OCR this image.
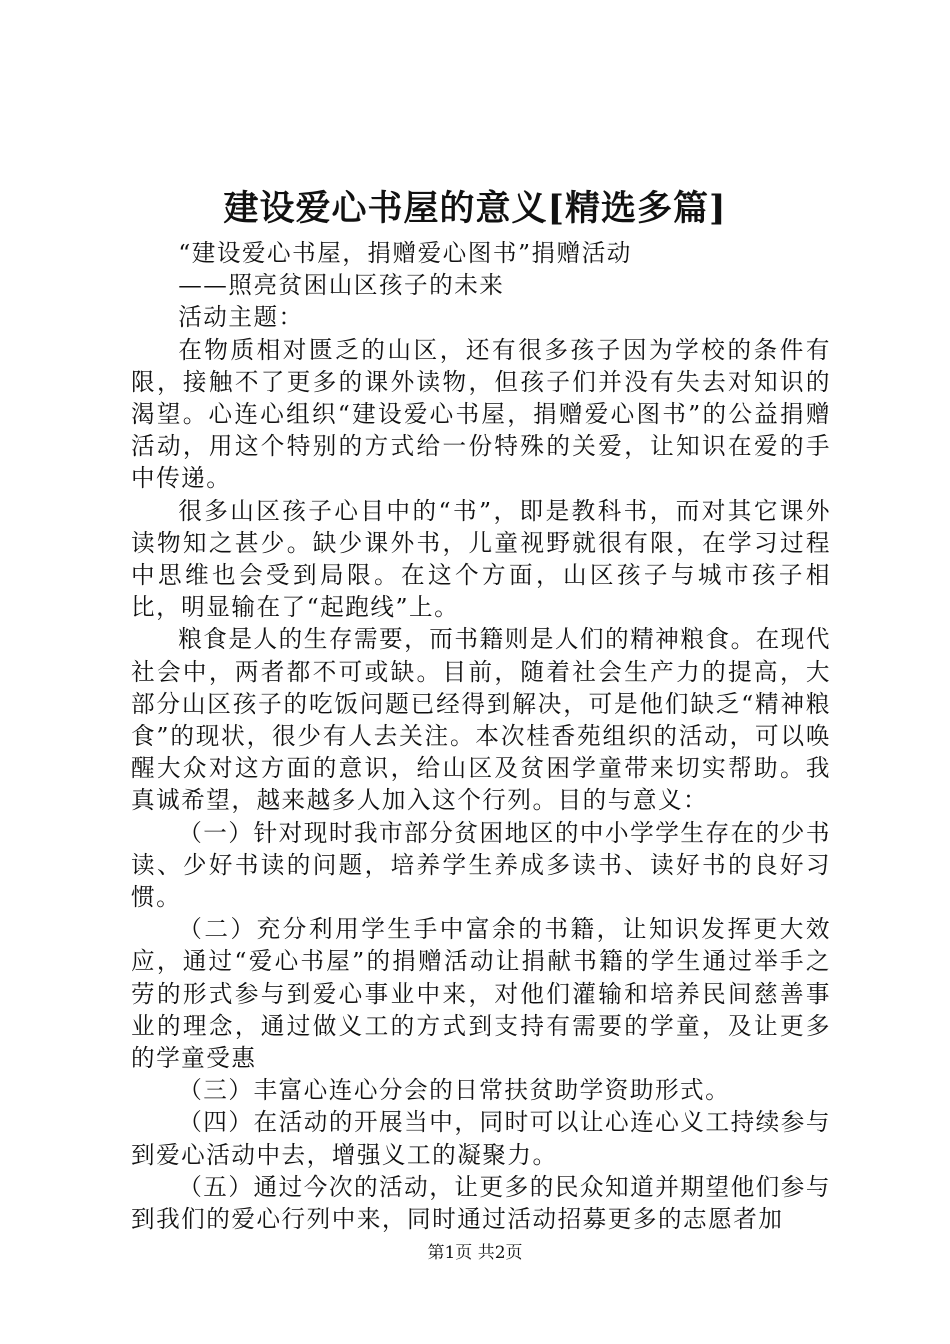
建设爱心书屋的意义[精选多篇]

“建设爱心书屋，捐赠爱心图书”捐赠活动

——照亮贫困山区孩子的未来

活动主题：

在物质相对匮乏的山区，还有很多孩子因为学校的条件有限，接触不了更多的课外读物，但孩子们并没有失去对知识的渴望。心连心组织“建设爱心书屋，捐赠爱心图书”的公益捐赠活动，用这个特别的方式给一份特殊的关爱，让知识在爱的手中传递。

很多山区孩子心目中的“书”，即是教科书，而对其它课外读物知之甚少。缺少课外书，儿童视野就很有限，在学习过程中思维也会受到局限。在这个方面，山区孩子与城市孩子相比，明显输在了“起跑线”上。

粮食是人的生存需要，而书籍则是人们的精神粮食。在现代社会中，两者都不可或缺。目前，随着社会生产力的提高，大部分山区孩子的吃饭问题已经得到解决，可是他们缺乏“精神粮食”的现状，很少有人去关注。本次桂香苑组织的活动，可以唤醒大众对这方面的意识，给山区及贫困学童带来切实帮助。我真诚希望，越来越多人加入这个行列。目的与意义：

（一）针对现时我市部分贫困地区的中小学学生存在的少书读、少好书读的问题，培养学生养成多读书、读好书的良好习惯。

（二）充分利用学生手中富余的书籍，让知识发挥更大效应，通过“爱心书屋”的捐赠活动让捐献书籍的学生通过举手之劳的形式参与到爱心事业中来，对他们灌输和培养民间慈善事业的理念，通过做义工的方式到支持有需要的学童，及让更多的学童受惠

（三）丰富心连心分会的日常扶贫助学资助形式。

（四）在活动的开展当中，同时可以让心连心义工持续参与到爱心活动中去，增强义工的凝聚力。

（五）通过今次的活动，让更多的民众知道并期望他们参与到我们的爱心行列中来，同时通过活动招募更多的志愿者加

第1页 共2页
